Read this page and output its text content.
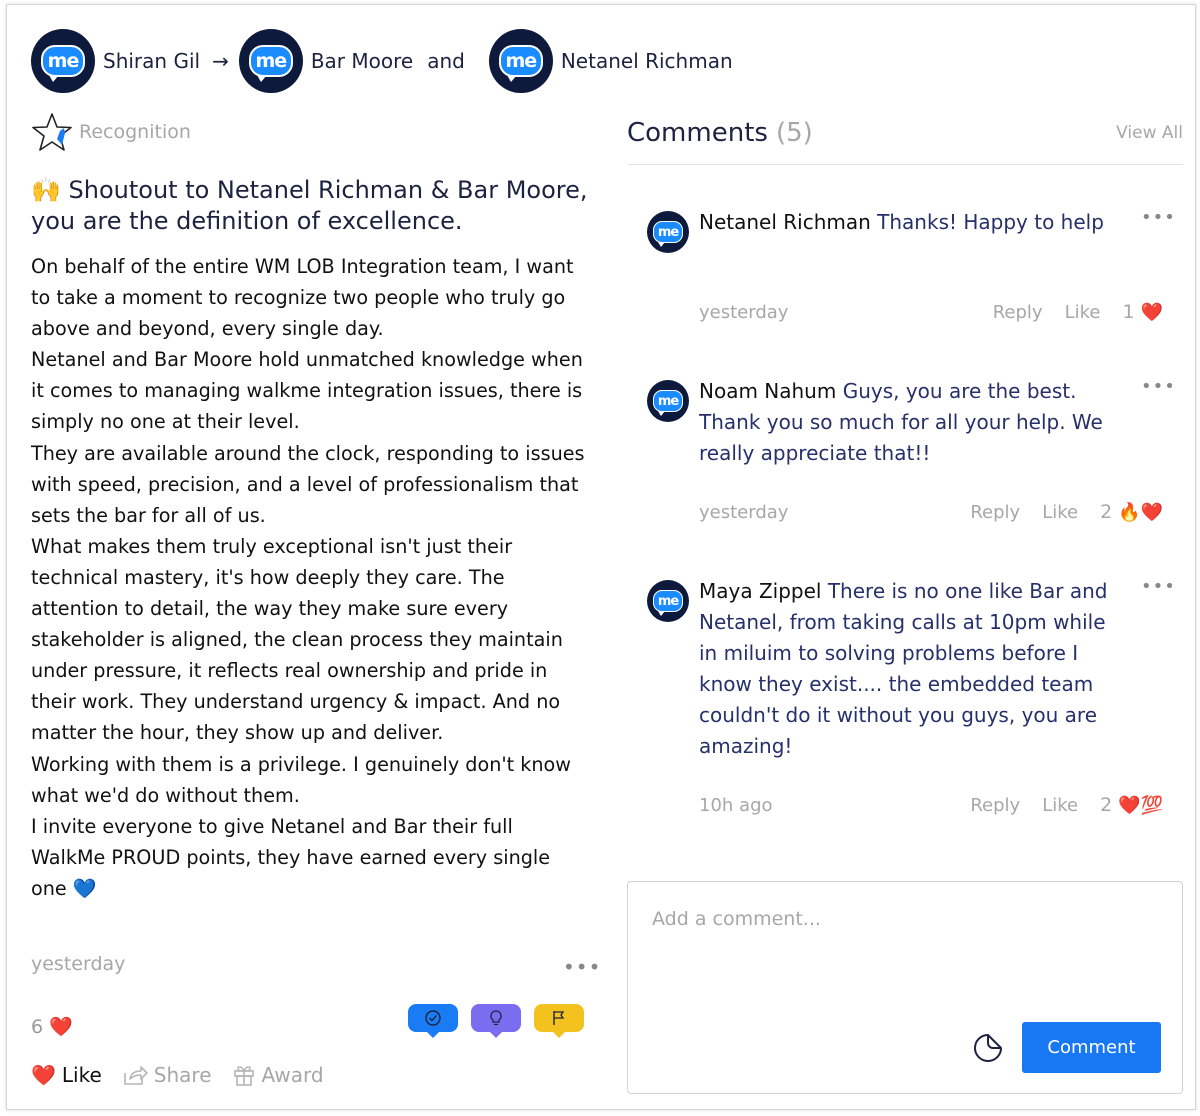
me	Shiran Gil →	me	Bar Moore and	me	Netanel Richman
Recognition
🙌 Shoutout to Netanel Richman & Bar Moore, you are the definition of excellence.
On behalf of the entire WM LOB Integration team, I want to take a moment to recognize two people who truly go above and beyond, every single day.
Netanel and Bar Moore hold unmatched knowledge when it comes to managing walkme integration issues, there is simply no one at their level.
They are available around the clock, responding to issues with speed, precision, and a level of professionalism that sets the bar for all of us.
What makes them truly exceptional isn't just their technical mastery, it's how deeply they care. The attention to detail, the way they make sure every stakeholder is aligned, the clean process they maintain under pressure, it reflects real ownership and pride in their work. They understand urgency & impact. And no matter the hour, they show up and deliver.
Working with them is a privilege. I genuinely don't know what we'd do without them.
I invite everyone to give Netanel and Bar their full WalkMe PROUD points, they have earned every single one 💙
yesterday	•••
6 ❤️
❤️ Like	Share	Award
Comments (5)	View All
me Netanel Richman Thanks! Happy to help	•••
yesterday	Reply Like 1 ❤️
me Noam Nahum Guys, you are the best. Thank you so much for all your help. We really appreciate that!!
•••
yesterday	Reply Like 2 🔥❤️
me Maya Zippel There is no one like Bar and Netanel, from taking calls at 10pm while in miluim to solving problems before I know they exist.... the embedded team couldn't do it without you guys, you are amazing!
•••
10h ago	Reply Like 2 ❤️💯
Add a comment...
Comment
